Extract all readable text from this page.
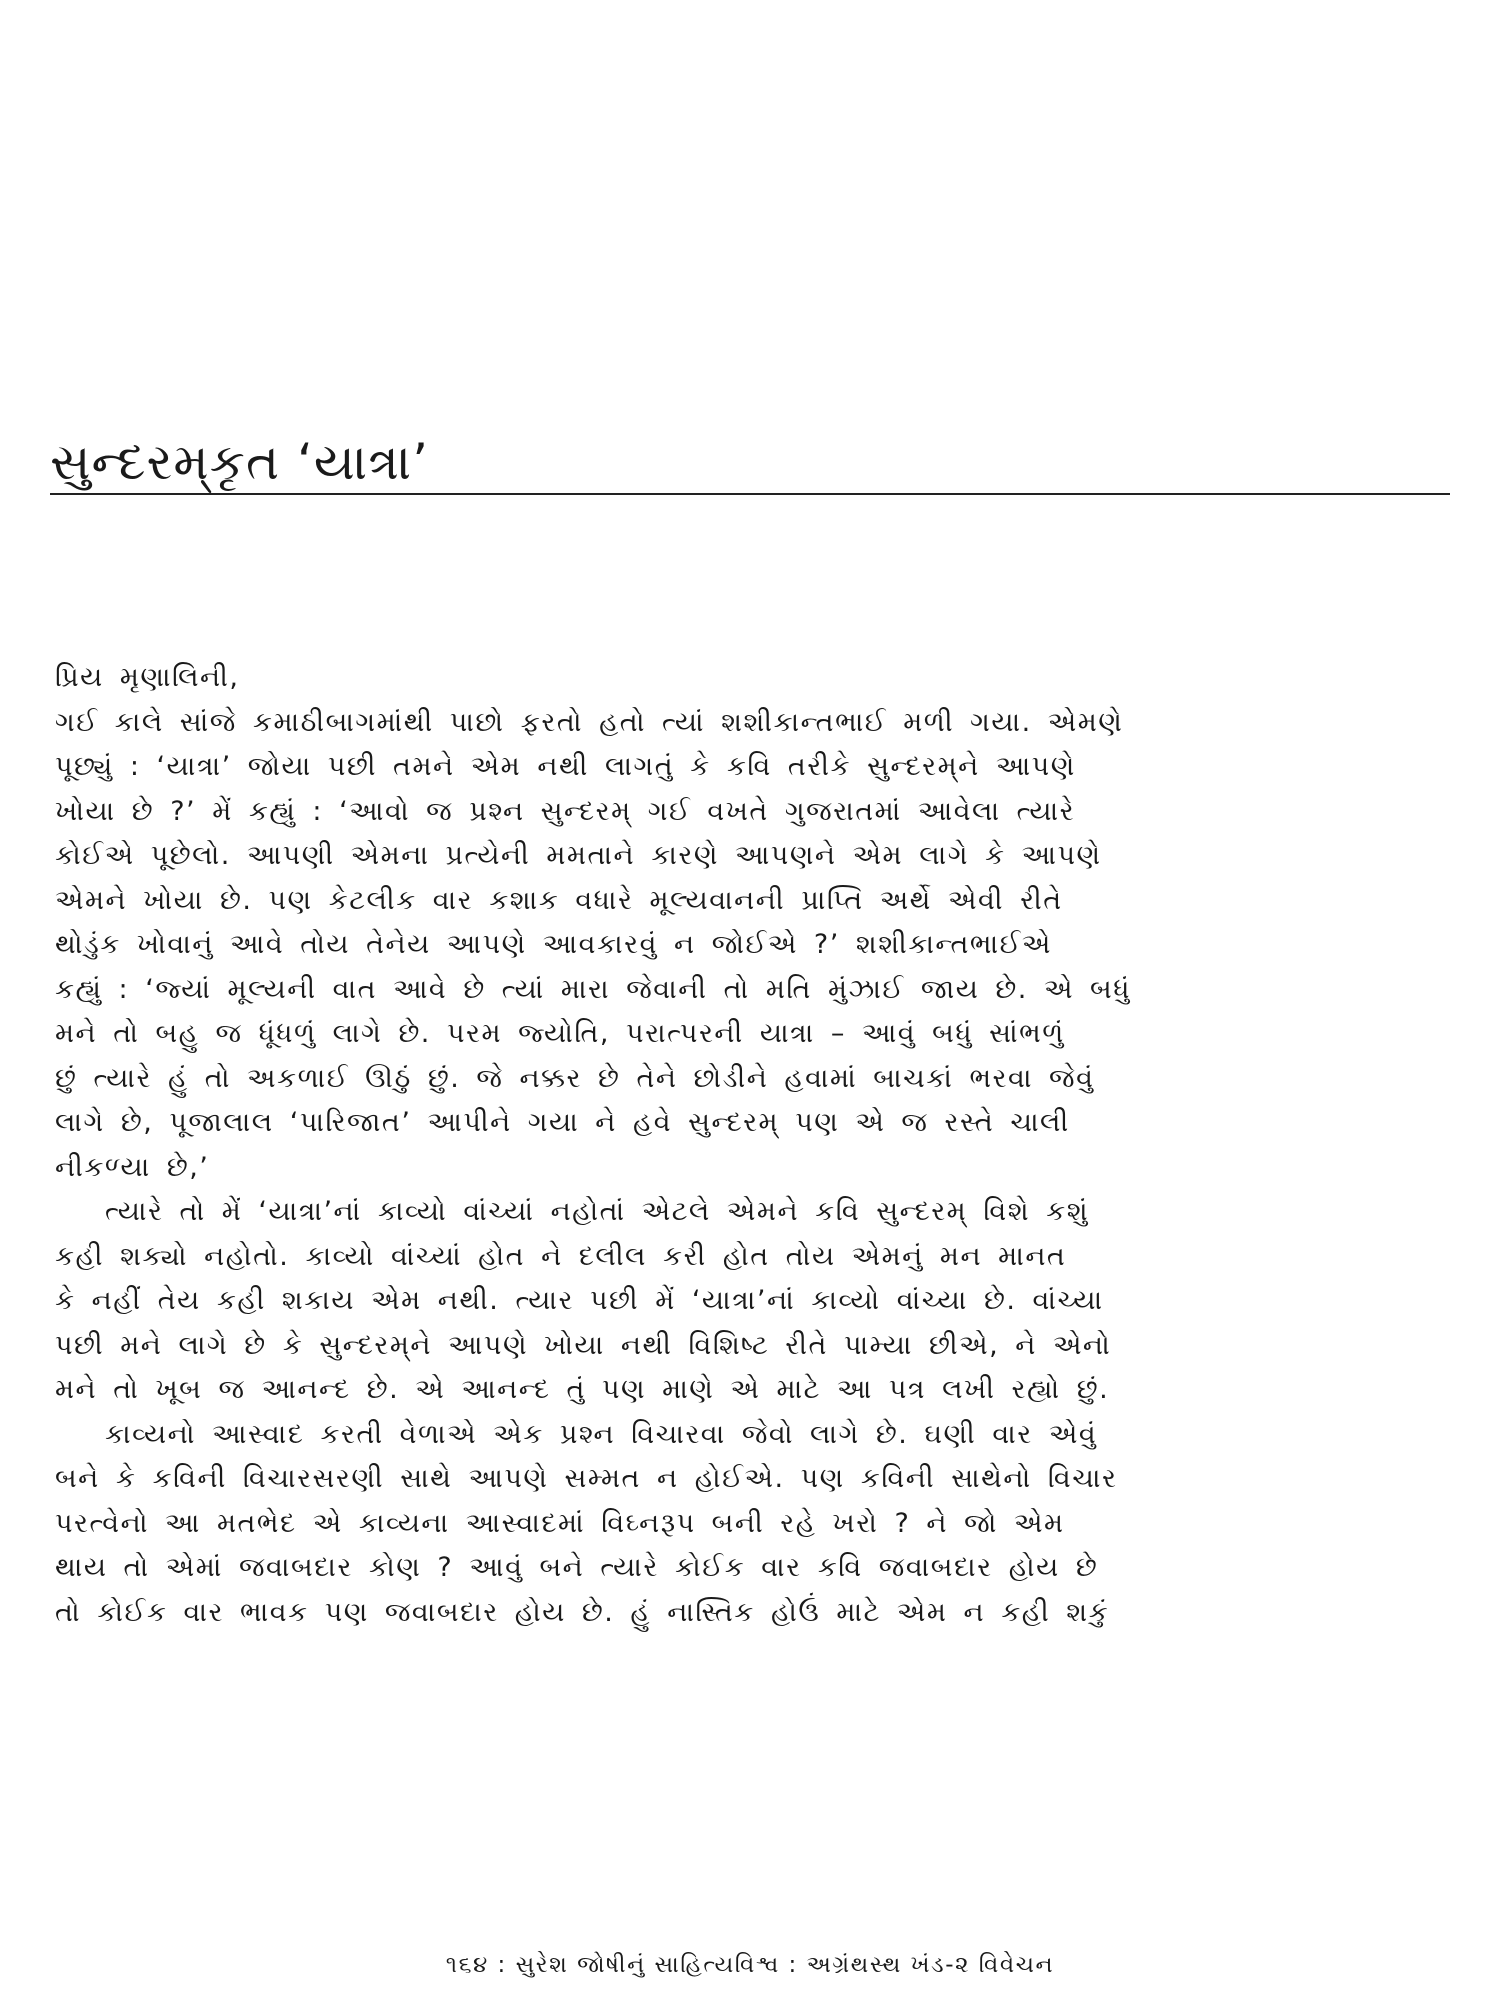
સુન્દરમ્‌કૃત ‘યાત્રા’
પ્રિય મૃણાલિની,
ગઈ કાલે સાંજે કમાઠીબાગમાંથી પાછો ફરતો હતો ત્યાં શશીકાન્તભાઈ મળી ગયા. એમણે
પૂછ્યું : ‘યાત્રા’ જોયા પછી તમને એમ નથી લાગતું કે કવિ તરીકે સુન્દરમ્‌ને આપણે
ખોયા છે ?’ મેં કહ્યું : ‘આવો જ પ્રશ્ન સુન્દરમ્ ગઈ વખતે ગુજરાતમાં આવેલા ત્યારે
કોઈએ પૂછેલો. આપણી એમના પ્રત્યેની મમતાને કારણે આપણને એમ લાગે કે આપણે
એમને ખોયા છે. પણ કેટલીક વાર કશાક વધારે મૂલ્યવાનની પ્રાપ્તિ અર્થે એવી રીતે
થોડુંક ખોવાનું આવે તોય તેનેય આપણે આવકારવું ન જોઈએ ?’ શશીકાન્તભાઈએ
કહ્યું : ‘જ્યાં મૂલ્યની વાત આવે છે ત્યાં મારા જેવાની તો મતિ મુંઝાઈ જાય છે. એ બધું
મને તો બહુ જ ધૂંધળું લાગે છે. પરમ જ્યોતિ, પરાત્પરની યાત્રા – આવું બધું સાંભળું
છું ત્યારે હું તો અકળાઈ ઊઠું છું. જે નક્કર છે તેને છોડીને હવામાં બાચકાં ભરવા જેવું
લાગે છે, પૂજાલાલ ‘પારિજાત’ આપીને ગયા ને હવે સુન્દરમ્ પણ એ જ રસ્તે ચાલી
નીકળ્યા છે,’
ત્યારે તો મેં ‘યાત્રા’નાં કાવ્યો વાંચ્યાં નહોતાં એટલે એમને કવિ સુન્દરમ્ વિશે કશું
કહી શક્યો નહોતો. કાવ્યો વાંચ્યાં હોત ને દલીલ કરી હોત તોય એમનું મન માનત
કે નહીં તેય કહી શકાય એમ નથી. ત્યાર પછી મેં ‘યાત્રા’નાં કાવ્યો વાંચ્યા છે. વાંચ્યા
પછી મને લાગે છે કે સુન્દરમ્‌ને આપણે ખોયા નથી વિશિષ્ટ રીતે પામ્યા છીએ, ને એનો
મને તો ખૂબ જ આનન્દ છે. એ આનન્દ તું પણ માણે એ માટે આ પત્ર લખી રહ્યો છું.
કાવ્યનો આસ્વાદ કરતી વેળાએ એક પ્રશ્ન વિચારવા જેવો લાગે છે. ઘણી વાર એવું
બને કે કવિની વિચારસરણી સાથે આપણે સમ્મત ન હોઈએ. પણ કવિની સાથેનો વિચાર
પરત્વેનો આ મતભેદ એ કાવ્યના આસ્વાદમાં વિઘ્નરૂપ બની રહે ખરો ? ને જો એમ
થાય તો એમાં જવાબદાર કોણ ? આવું બને ત્યારે કોઈક વાર કવિ જવાબદાર હોય છે
તો કોઈક વાર ભાવક પણ જવાબદાર હોય છે. હું નાસ્તિક હોઉં માટે એમ ન કહી શકું
૧૬૪ : સુરેશ જોષીનું સાહિત્યવિશ્વ : અગ્રંથસ્થ ખંડ-૨ વિવેચન
